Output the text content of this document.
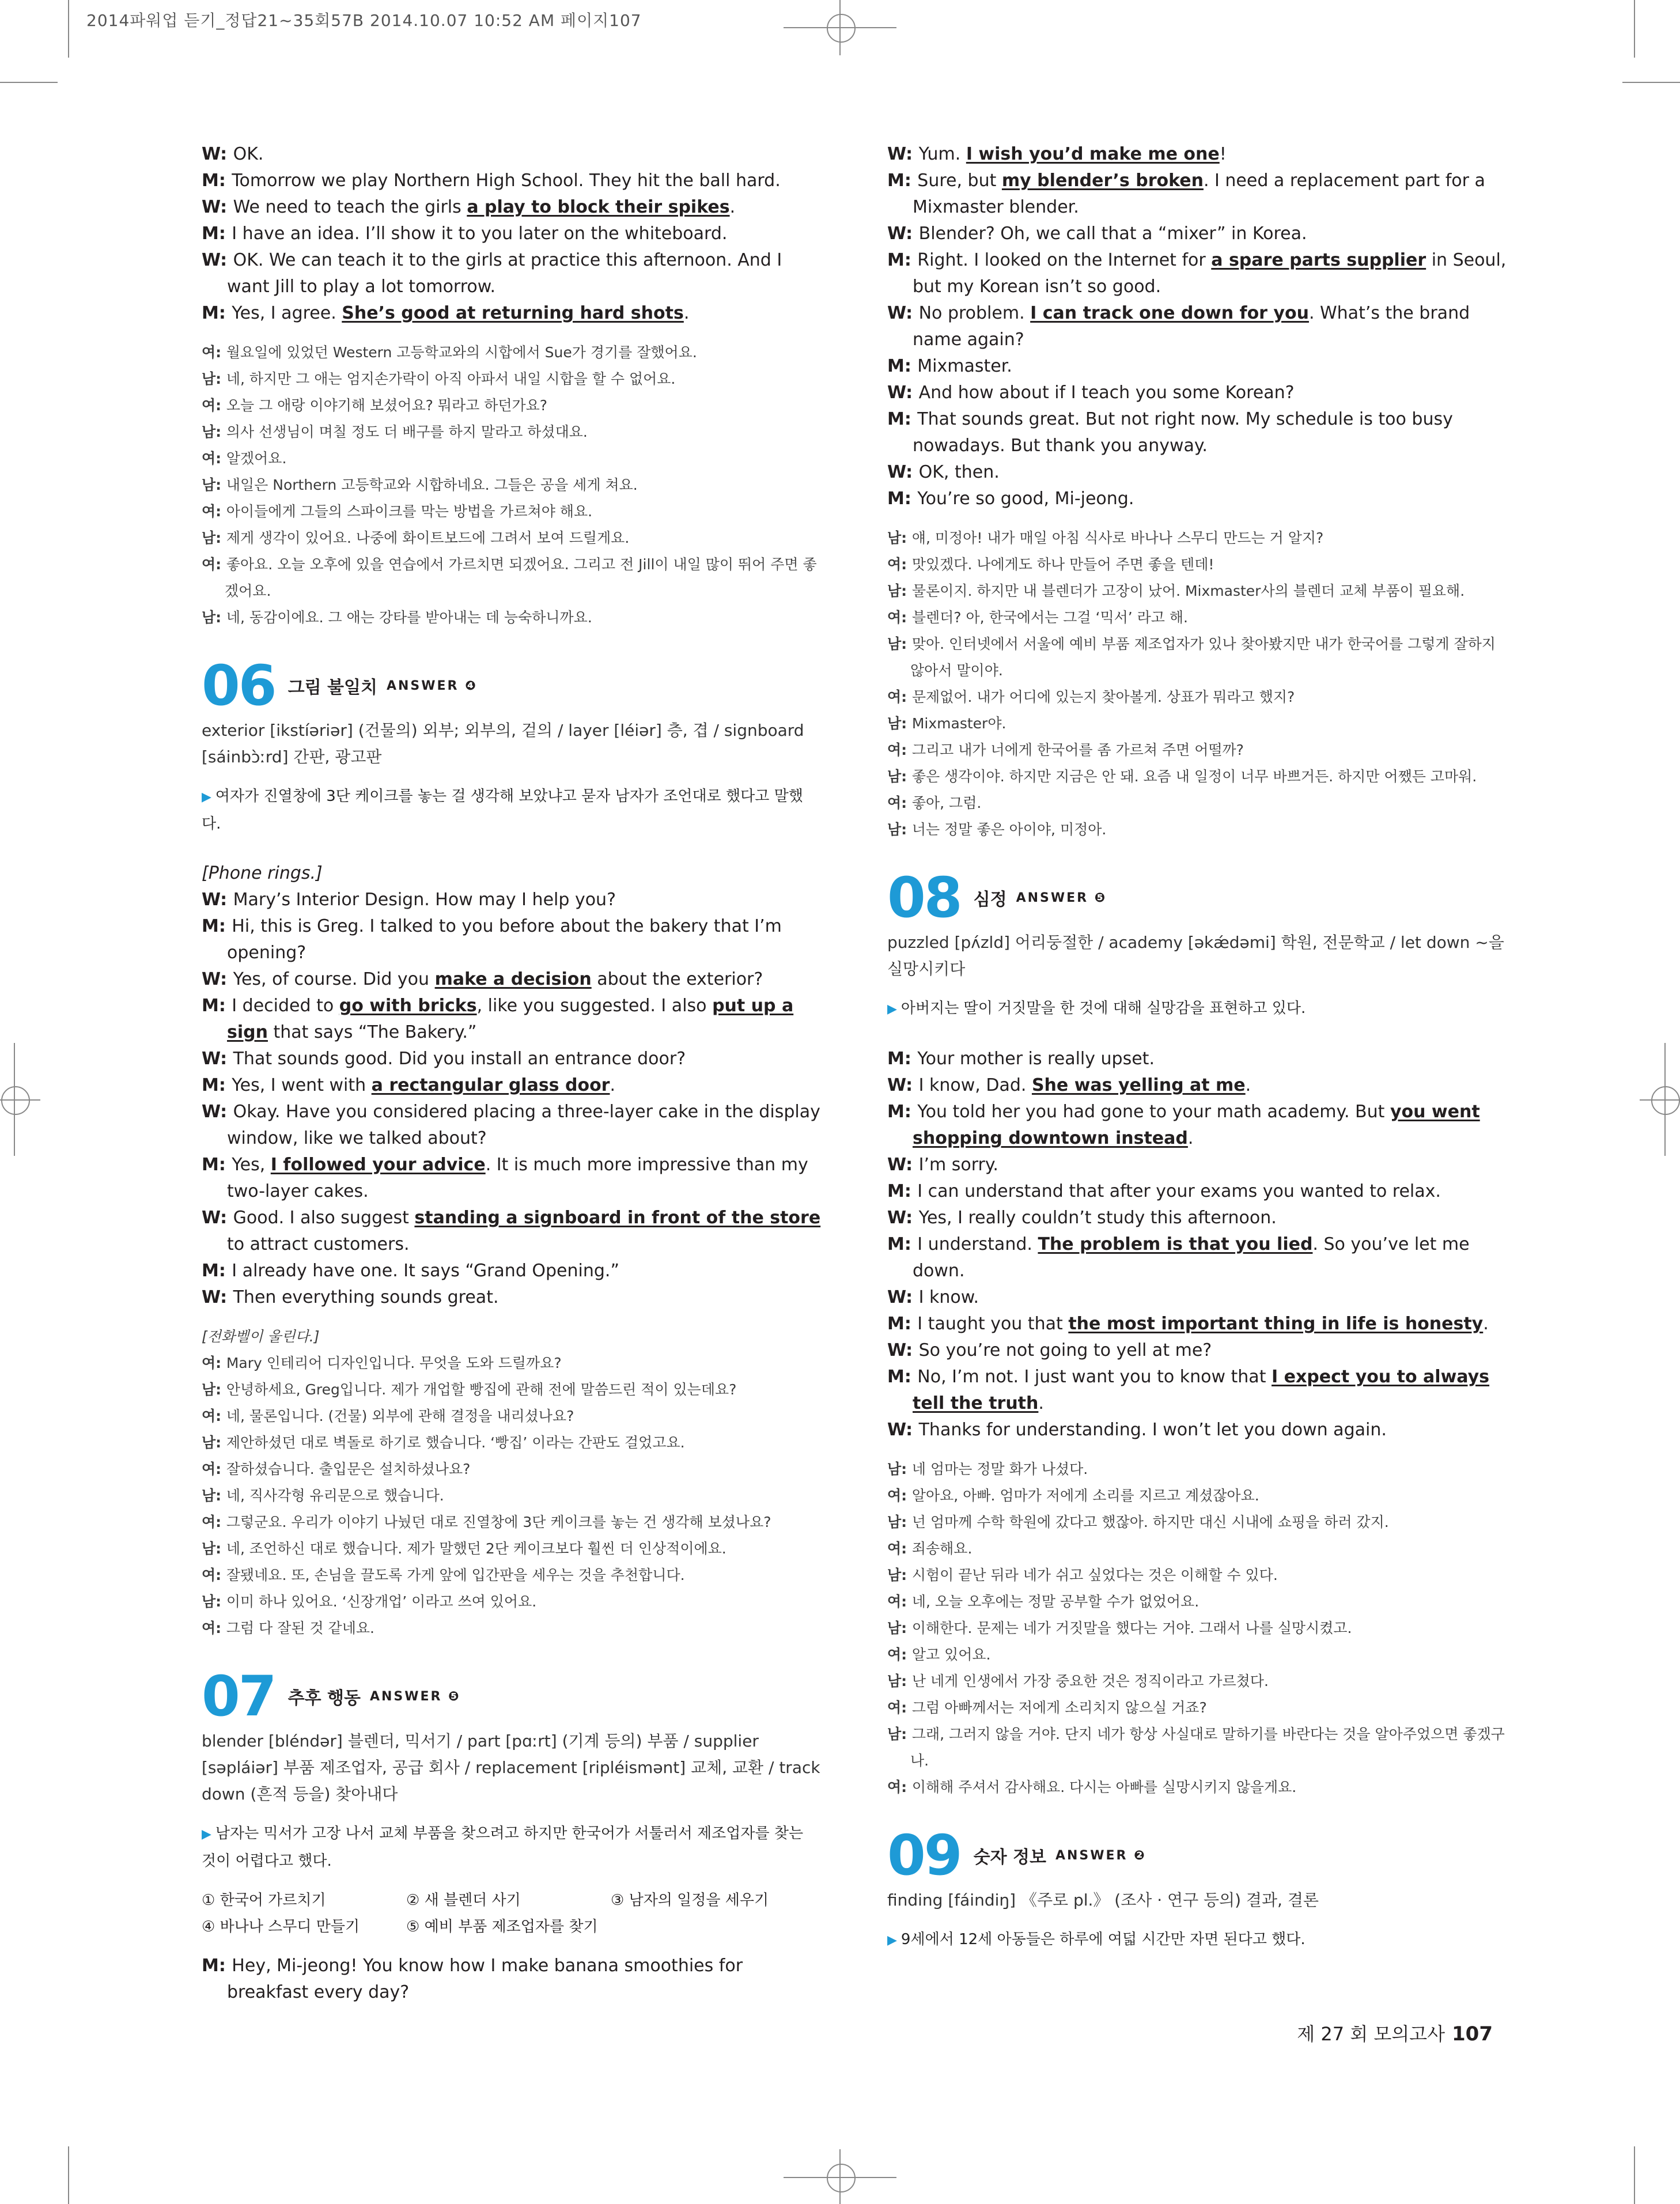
2014파워업 듣기_정답21~35회57B 2014.10.07 10:52 AM 페이지107
W: OK.
M: Tomorrow we play Northern High School. They hit the ball hard.
W: We need to teach the girls a play to block their spikes.
M: I have an idea. I’ll show it to you later on the whiteboard.
W: OK. We can teach it to the girls at practice this afternoon. And I want Jill to play a lot tomorrow.
M: Yes, I agree. She’s good at returning hard shots.
여: 월요일에 있었던 Western 고등학교와의 시합에서 Sue가 경기를 잘했어요.
남: 네, 하지만 그 애는 엄지손가락이 아직 아파서 내일 시합을 할 수 없어요.
여: 오늘 그 애랑 이야기해 보셨어요? 뭐라고 하던가요?
남: 의사 선생님이 며칠 정도 더 배구를 하지 말라고 하셨대요.
여: 알겠어요.
남: 내일은 Northern 고등학교와 시합하네요. 그들은 공을 세게 쳐요.
여: 아이들에게 그들의 스파이크를 막는 방법을 가르쳐야 해요.
남: 제게 생각이 있어요. 나중에 화이트보드에 그려서 보여 드릴게요.
여: 좋아요. 오늘 오후에 있을 연습에서 가르치면 되겠어요. 그리고 전 Jill이 내일 많이 뛰어 주면 좋겠어요.
남: 네, 동감이에요. 그 애는 강타를 받아내는 데 능숙하니까요.
06 그림 불일치 ANSWER ❹
exterior [ikstíəriər] (건물의) 외부; 외부의, 겉의 / layer [léiər] 층, 겹 / signboard [sáinbɔ̀ːrd] 간판, 광고판
▶ 여자가 진열창에 3단 케이크를 놓는 걸 생각해 보았냐고 묻자 남자가 조언대로 했다고 말했다.
[Phone rings.]
W: Mary’s Interior Design. How may I help you?
M: Hi, this is Greg. I talked to you before about the bakery that I’m opening?
W: Yes, of course. Did you make a decision about the exterior?
M: I decided to go with bricks, like you suggested. I also put up a sign that says “The Bakery.”
W: That sounds good. Did you install an entrance door?
M: Yes, I went with a rectangular glass door.
W: Okay. Have you considered placing a three-layer cake in the display window, like we talked about?
M: Yes, I followed your advice. It is much more impressive than my two-layer cakes.
W: Good. I also suggest standing a signboard in front of the store to attract customers.
M: I already have one. It says “Grand Opening.”
W: Then everything sounds great.
[전화벨이 울린다.]
여: Mary 인테리어 디자인입니다. 무엇을 도와 드릴까요?
남: 안녕하세요, Greg입니다. 제가 개업할 빵집에 관해 전에 말씀드린 적이 있는데요?
여: 네, 물론입니다. (건물) 외부에 관해 결정을 내리셨나요?
남: 제안하셨던 대로 벽돌로 하기로 했습니다. ‘빵집’ 이라는 간판도 걸었고요.
여: 잘하셨습니다. 출입문은 설치하셨나요?
남: 네, 직사각형 유리문으로 했습니다.
여: 그렇군요. 우리가 이야기 나눴던 대로 진열창에 3단 케이크를 놓는 건 생각해 보셨나요?
남: 네, 조언하신 대로 했습니다. 제가 말했던 2단 케이크보다 훨씬 더 인상적이에요.
여: 잘됐네요. 또, 손님을 끌도록 가게 앞에 입간판을 세우는 것을 추천합니다.
남: 이미 하나 있어요. ‘신장개업’ 이라고 쓰여 있어요.
여: 그럼 다 잘된 것 같네요.
07 추후 행동 ANSWER ❺
blender [bléndər] 블렌더, 믹서기 / part [pɑːrt] (기계 등의) 부품 / supplier [səpláiər] 부품 제조업자, 공급 회사 / replacement [ripléismənt] 교체, 교환 / track down (흔적 등을) 찾아내다
▶ 남자는 믹서가 고장 나서 교체 부품을 찾으려고 하지만 한국어가 서툴러서 제조업자를 찾는 것이 어렵다고 했다.
① 한국어 가르치기	② 새 블렌더 사기	③ 남자의 일정을 세우기
④ 바나나 스무디 만들기	⑤ 예비 부품 제조업자를 찾기
M: Hey, Mi-jeong! You know how I make banana smoothies for breakfast every day?
W: Yum. I wish you’d make me one!
M: Sure, but my blender’s broken. I need a replacement part for a Mixmaster blender.
W: Blender? Oh, we call that a “mixer” in Korea.
M: Right. I looked on the Internet for a spare parts supplier in Seoul, but my Korean isn’t so good.
W: No problem. I can track one down for you. What’s the brand name again?
M: Mixmaster.
W: And how about if I teach you some Korean?
M: That sounds great. But not right now. My schedule is too busy nowadays. But thank you anyway.
W: OK, then.
M: You’re so good, Mi-jeong.
남: 얘, 미정아! 내가 매일 아침 식사로 바나나 스무디 만드는 거 알지?
여: 맛있겠다. 나에게도 하나 만들어 주면 좋을 텐데!
남: 물론이지. 하지만 내 블렌더가 고장이 났어. Mixmaster사의 블렌더 교체 부품이 필요해.
여: 블렌더? 아, 한국에서는 그걸 ‘믹서’ 라고 해.
남: 맞아. 인터넷에서 서울에 예비 부품 제조업자가 있나 찾아봤지만 내가 한국어를 그렇게 잘하지 않아서 말이야.
여: 문제없어. 내가 어디에 있는지 찾아볼게. 상표가 뭐라고 했지?
남: Mixmaster야.
여: 그리고 내가 너에게 한국어를 좀 가르쳐 주면 어떨까?
남: 좋은 생각이야. 하지만 지금은 안 돼. 요즘 내 일정이 너무 바쁘거든. 하지만 어쨌든 고마워.
여: 좋아, 그럼.
남: 너는 정말 좋은 아이야, 미정아.
08 심정 ANSWER ❺
puzzled [pʌ́zld] 어리둥절한 / academy [əkǽdəmi] 학원, 전문학교 / let down ~을 실망시키다
▶ 아버지는 딸이 거짓말을 한 것에 대해 실망감을 표현하고 있다.
M: Your mother is really upset.
W: I know, Dad. She was yelling at me.
M: You told her you had gone to your math academy. But you went shopping downtown instead.
W: I’m sorry.
M: I can understand that after your exams you wanted to relax.
W: Yes, I really couldn’t study this afternoon.
M: I understand. The problem is that you lied. So you’ve let me down.
W: I know.
M: I taught you that the most important thing in life is honesty.
W: So you’re not going to yell at me?
M: No, I’m not. I just want you to know that I expect you to always tell the truth.
W: Thanks for understanding. I won’t let you down again.
남: 네 엄마는 정말 화가 나셨다.
여: 알아요, 아빠. 엄마가 저에게 소리를 지르고 계셨잖아요.
남: 넌 엄마께 수학 학원에 갔다고 했잖아. 하지만 대신 시내에 쇼핑을 하러 갔지.
여: 죄송해요.
남: 시험이 끝난 뒤라 네가 쉬고 싶었다는 것은 이해할 수 있다.
여: 네, 오늘 오후에는 정말 공부할 수가 없었어요.
남: 이해한다. 문제는 네가 거짓말을 했다는 거야. 그래서 나를 실망시켰고.
여: 알고 있어요.
남: 난 네게 인생에서 가장 중요한 것은 정직이라고 가르쳤다.
여: 그럼 아빠께서는 저에게 소리치지 않으실 거죠?
남: 그래, 그러지 않을 거야. 단지 네가 항상 사실대로 말하기를 바란다는 것을 알아주었으면 좋겠구나.
여: 이해해 주셔서 감사해요. 다시는 아빠를 실망시키지 않을게요.
09 숫자 정보 ANSWER ❷
finding [fáindiŋ] 《주로 pl.》 (조사 · 연구 등의) 결과, 결론
▶ 9세에서 12세 아동들은 하루에 여덟 시간만 자면 된다고 했다.
제 27 회 모의고사 107
